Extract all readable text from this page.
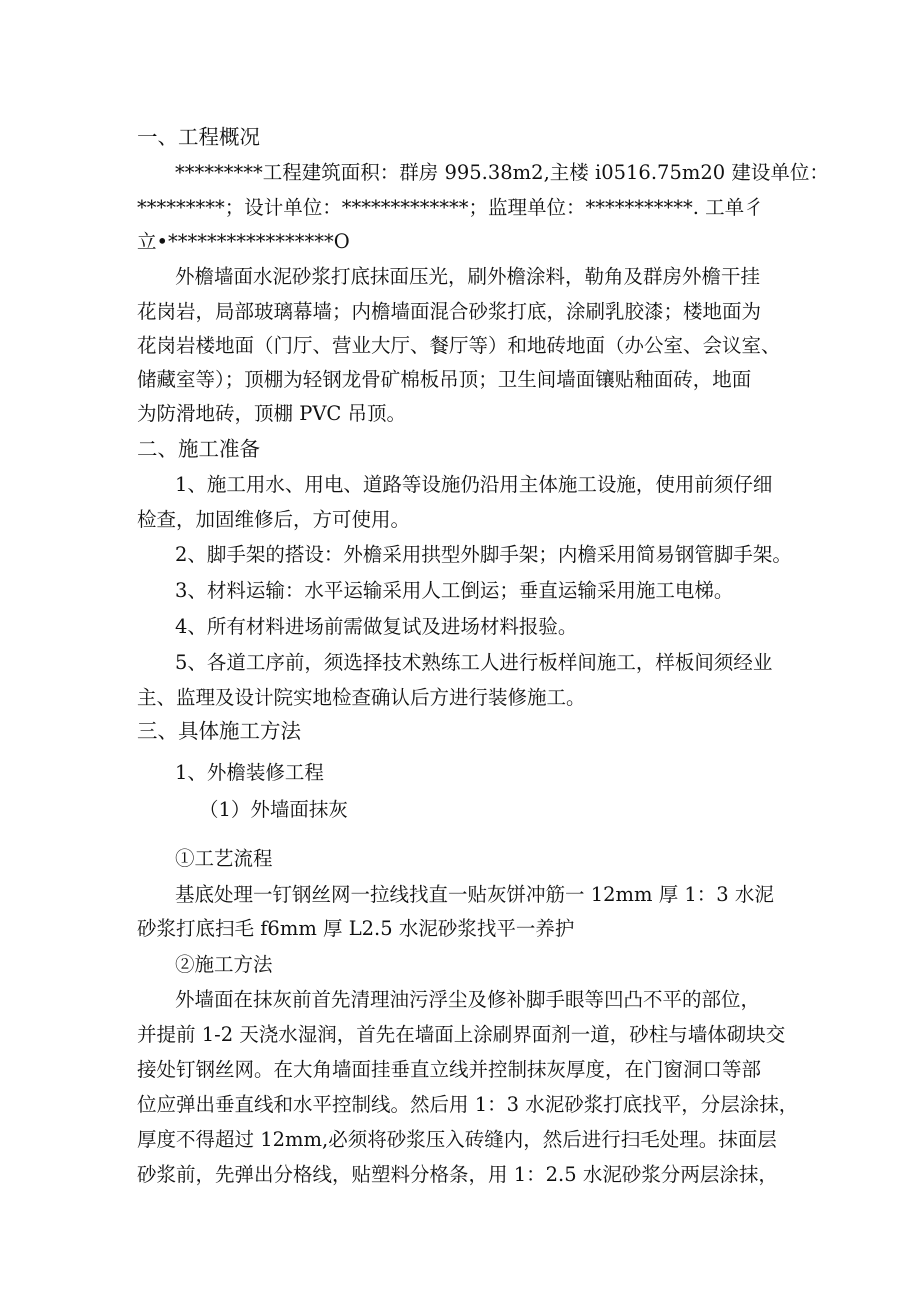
一、工程概况
*********工程建筑面积：群房 995.38m2,主楼 i0516.75m20 建设单位：
*********；设计单位：*************；监理单位：***********. 工单彳
立•*****************O
外檐墙面水泥砂浆打底抹面压光，刷外檐涂料，勒角及群房外檐干挂
花岗岩，局部玻璃幕墙；内檐墙面混合砂浆打底，涂刷乳胶漆；楼地面为
花岗岩楼地面（门厅、营业大厅、餐厅等）和地砖地面（办公室、会议室、
储藏室等）；顶棚为轻钢龙骨矿棉板吊顶；卫生间墙面镶贴釉面砖，地面
为防滑地砖，顶棚 PVC 吊顶。
二、施工准备
1、施工用水、用电、道路等设施仍沿用主体施工设施，使用前须仔细
检查，加固维修后，方可使用。
2、脚手架的搭设：外檐采用拱型外脚手架；内檐采用简易钢管脚手架。
3、材料运输：水平运输采用人工倒运；垂直运输采用施工电梯。
4、所有材料进场前需做复试及进场材料报验。
5、各道工序前，须选择技术熟练工人进行板样间施工，样板间须经业
主、监理及设计院实地检查确认后方进行装修施工。
三、具体施工方法
1、外檐装修工程
（1）外墙面抹灰
①工艺流程
基底处理一钉钢丝网一拉线找直一贴灰饼冲筋一 12mm 厚 1：3 水泥
砂浆打底扫毛 f6mm 厚 L2.5 水泥砂浆找平一养护
②施工方法
外墙面在抹灰前首先清理油污浮尘及修补脚手眼等凹凸不平的部位，
并提前 1-2 天浇水湿润，首先在墙面上涂刷界面剂一道，砂柱与墙体砌块交
接处钉钢丝网。在大角墙面挂垂直立线并控制抹灰厚度，在门窗洞口等部
位应弹出垂直线和水平控制线。然后用 1：3 水泥砂浆打底找平，分层涂抹，
厚度不得超过 12mm,必须将砂浆压入砖缝内，然后进行扫毛处理。抹面层
砂浆前，先弹出分格线，贴塑料分格条，用 1：2.5 水泥砂浆分两层涂抹，
